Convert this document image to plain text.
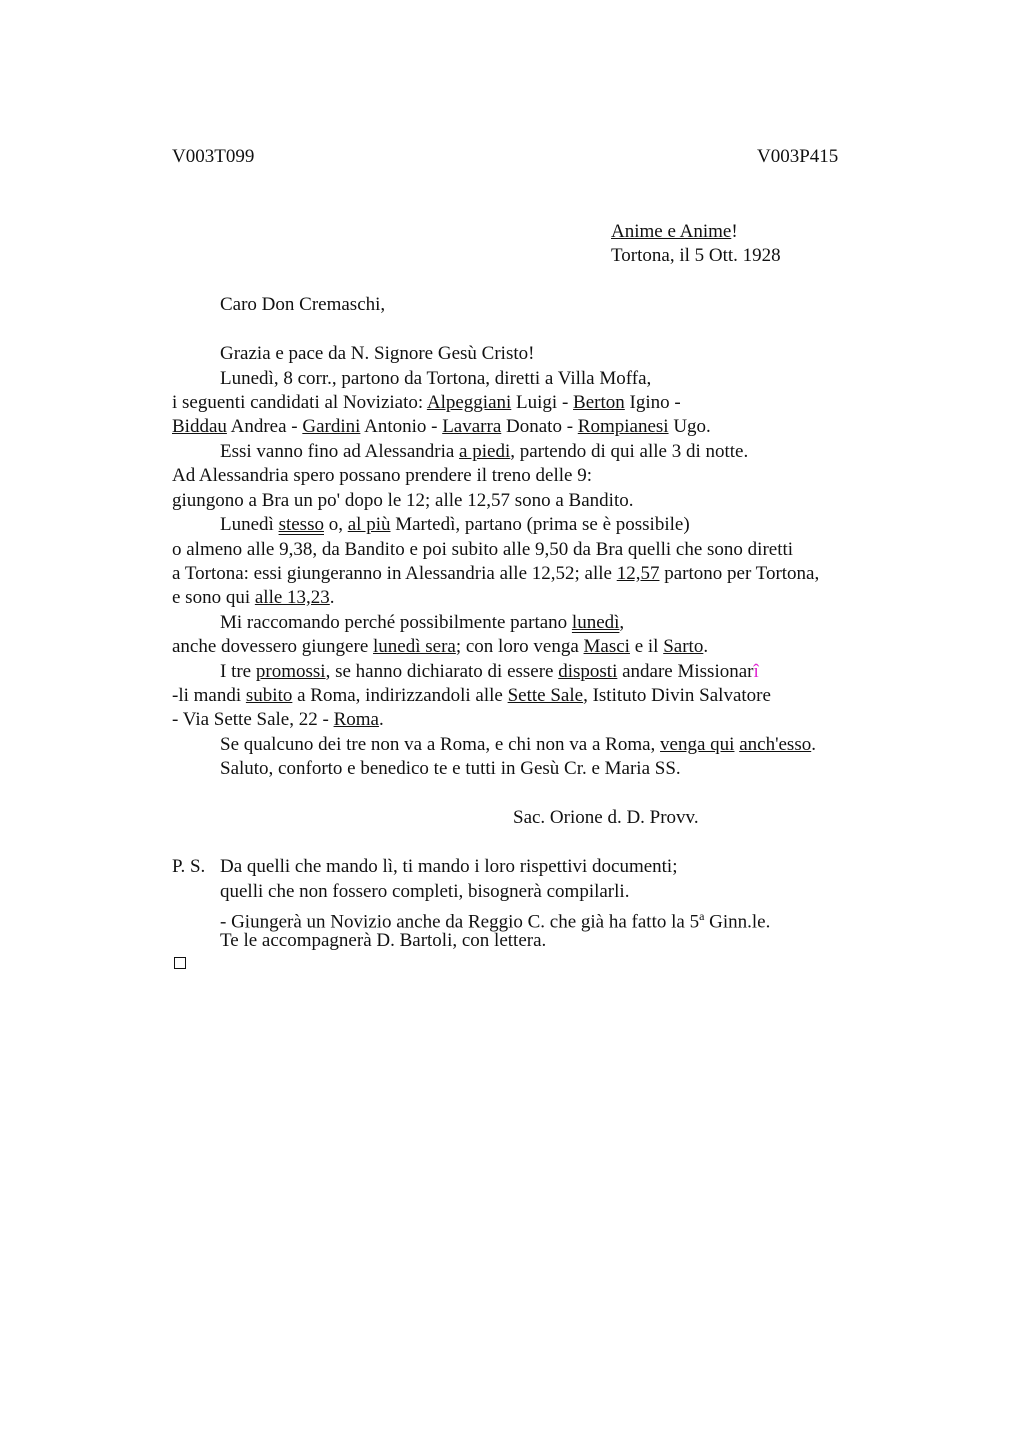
V003T099	V003P415
Anime e Anime!
Tortona, il 5 Ott. 1928
Caro Don Cremaschi,
Grazia e pace da N. Signore Gesù Cristo!
Lunedì, 8 corr., partono da Tortona, diretti a Villa Moffa,
i seguenti candidati al Noviziato: Alpeggiani Luigi - Berton Igino -
Biddau Andrea - Gardini Antonio - Lavarra Donato - Rompianesi Ugo.
Essi vanno fino ad Alessandria a piedi, partendo di qui alle 3 di notte.
Ad Alessandria spero possano prendere il treno delle 9:
giungono a Bra un po' dopo le 12; alle 12,57 sono a Bandito.
Lunedì stesso o, al più Martedì, partano (prima se è possibile)
o almeno alle 9,38, da Bandito e poi subito alle 9,50 da Bra quelli che sono diretti
a Tortona: essi giungeranno in Alessandria alle 12,52; alle 12,57 partono per Tortona,
e sono qui alle 13,23.
Mi raccomando perché possibilmente partano lunedì,
anche dovessero giungere lunedì sera; con loro venga Masci e il Sarto.
I tre promossi, se hanno dichiarato di essere disposti andare Missionarî
-li mandi subito a Roma, indirizzandoli alle Sette Sale, Istituto Divin Salvatore
- Via Sette Sale, 22 - Roma.
Se qualcuno dei tre non va a Roma, e chi non va a Roma, venga qui anch'esso.
Saluto, conforto e benedico te e tutti in Gesù Cr. e Maria SS.
Sac. Orione d. D. Provv.
P. S. Da quelli che mando lì, ti mando i loro rispettivi documenti;
quelli che non fossero completi, bisognerà compilarli.
- Giungerà un Novizio anche da Reggio C. che già ha fatto la 5$^a$ Ginn.le.
Te le accompagnerà D. Bartoli, con lettera.
